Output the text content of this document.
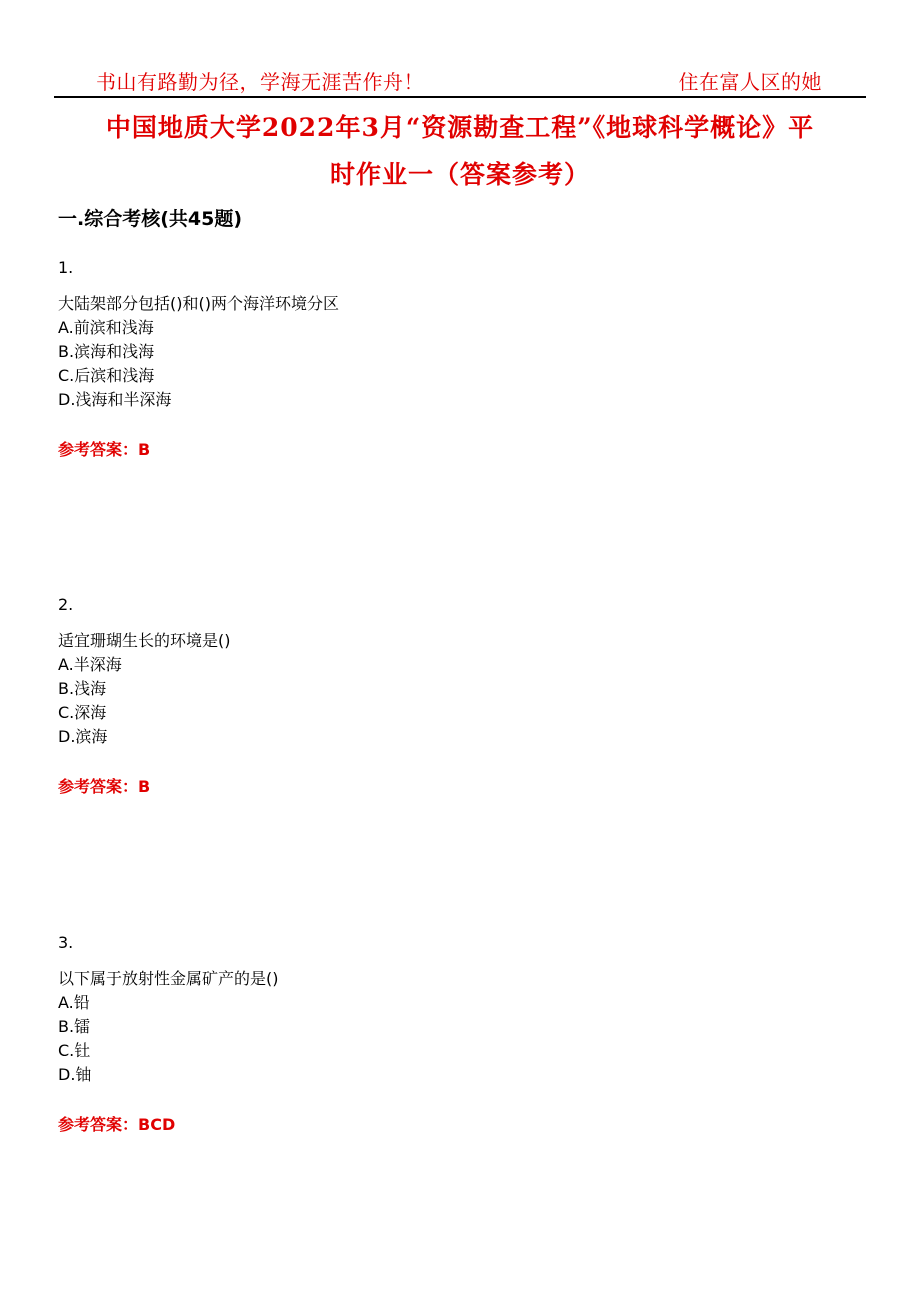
书山有路勤为径，学海无涯苦作舟！	住在富人区的她
中国地质大学2022年3月“资源勘查工程”《地球科学概论》平
时作业一（答案参考）
一.综合考核(共45题)
1.
大陆架部分包括()和()两个海洋环境分区
A.前滨和浅海
B.滨海和浅海
C.后滨和浅海
D.浅海和半深海
参考答案：B
2.
适宜珊瑚生长的环境是()
A.半深海
B.浅海
C.深海
D.滨海
参考答案：B
3.
以下属于放射性金属矿产的是()
A.铅
B.镭
C.钍
D.铀
参考答案：BCD
